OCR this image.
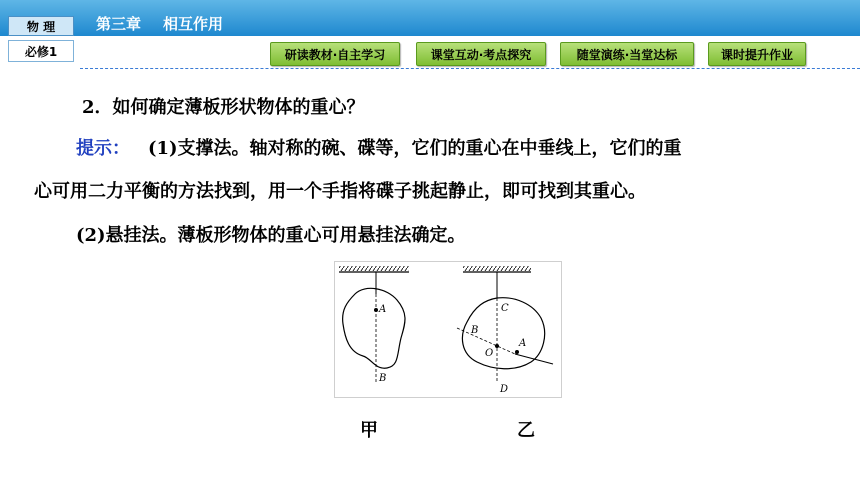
物 理	第三章 相互作用
必修1	研读教材·自主学习	课堂互动·考点探究	随堂演练·当堂达标	课时提升作业
2．如何确定薄板形状物体的重心？
提示： (1)支撑法。轴对称的碗、碟等，它们的重心在中垂线上，它们的重
心可用二力平衡的方法找到，用一个手指将碟子挑起静止，即可找到其重心。
(2)悬挂法。薄板形物体的重心可用悬挂法确定。
A
B
C
B
O
A
D
甲	乙
